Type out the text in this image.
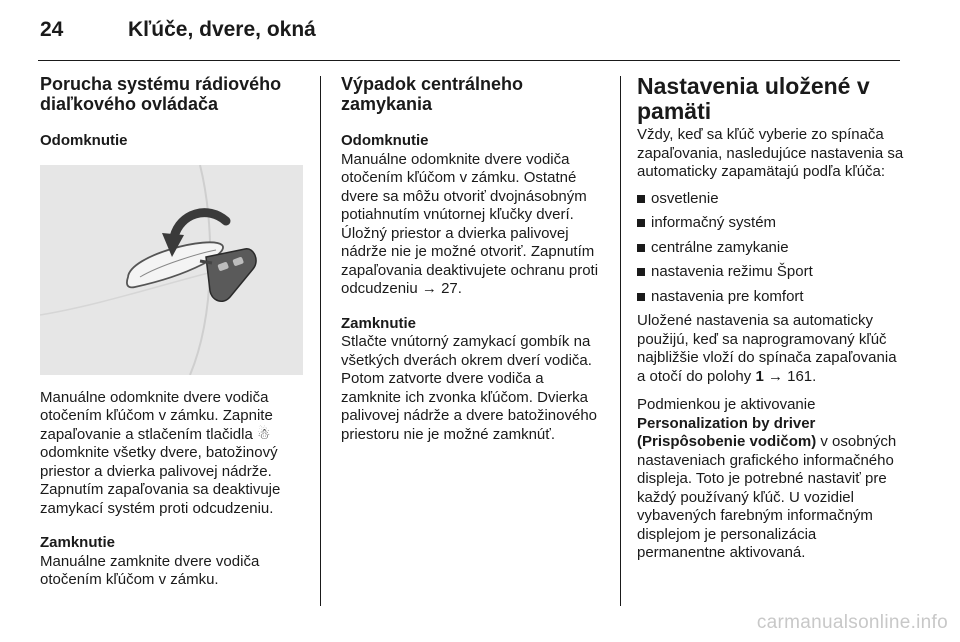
24	Kľúče, dvere, okná
Porucha systému rádiového diaľkového ovládača

Odomknutie

Manuálne odomknite dvere vodiča otočením kľúčom v zámku. Zapnite zapaľovanie a stlačením tlačidla ☃ odomknite všetky dvere, batožinový priestor a dvierka palivovej nádrže. Zapnutím zapaľovania sa deaktivuje zamykací systém proti odcudzeniu.

Zamknutie

Manuálne zamknite dvere vodiča otočením kľúčom v zámku.

Výpadok centrálneho zamykania

Odomknutie

Manuálne odomknite dvere vodiča otočením kľúčom v zámku. Ostatné dvere sa môžu otvoriť dvojnásobným potiahnutím vnútornej kľučky dverí. Úložný priestor a dvierka palivovej nádrže nie je možné otvoriť. Zapnutím zapaľovania deaktivujete ochranu proti odcudzeniu → 27.

Zamknutie

Stlačte vnútorný zamykací gombík na všetkých dverách okrem dverí vodiča. Potom zatvorte dvere vodiča a zamknite ich zvonka kľúčom. Dvierka palivovej nádrže a dvere batožinového priestoru nie je možné zamknúť.

Nastavenia uložené v pamäti

Vždy, keď sa kľúč vyberie zo spínača zapaľovania, nasledujúce nastavenia sa automaticky zapamätajú podľa kľúča:

osvetlenie
informačný systém
centrálne zamykanie
nastavenia režimu Šport
nastavenia pre komfort

Uložené nastavenia sa automaticky použijú, keď sa naprogramovaný kľúč najbližšie vloží do spínača zapaľovania a otočí do polohy 1 → 161.

Podmienkou je aktivovanie Personalization by driver (Prispôsobenie vodičom) v osobných nastaveniach grafického informačného displeja. Toto je potrebné nastaviť pre každý používaný kľúč. U vozidiel vybavených farebným informačným displejom je personalizácia permanentne aktivovaná.

carmanualsonline.info
